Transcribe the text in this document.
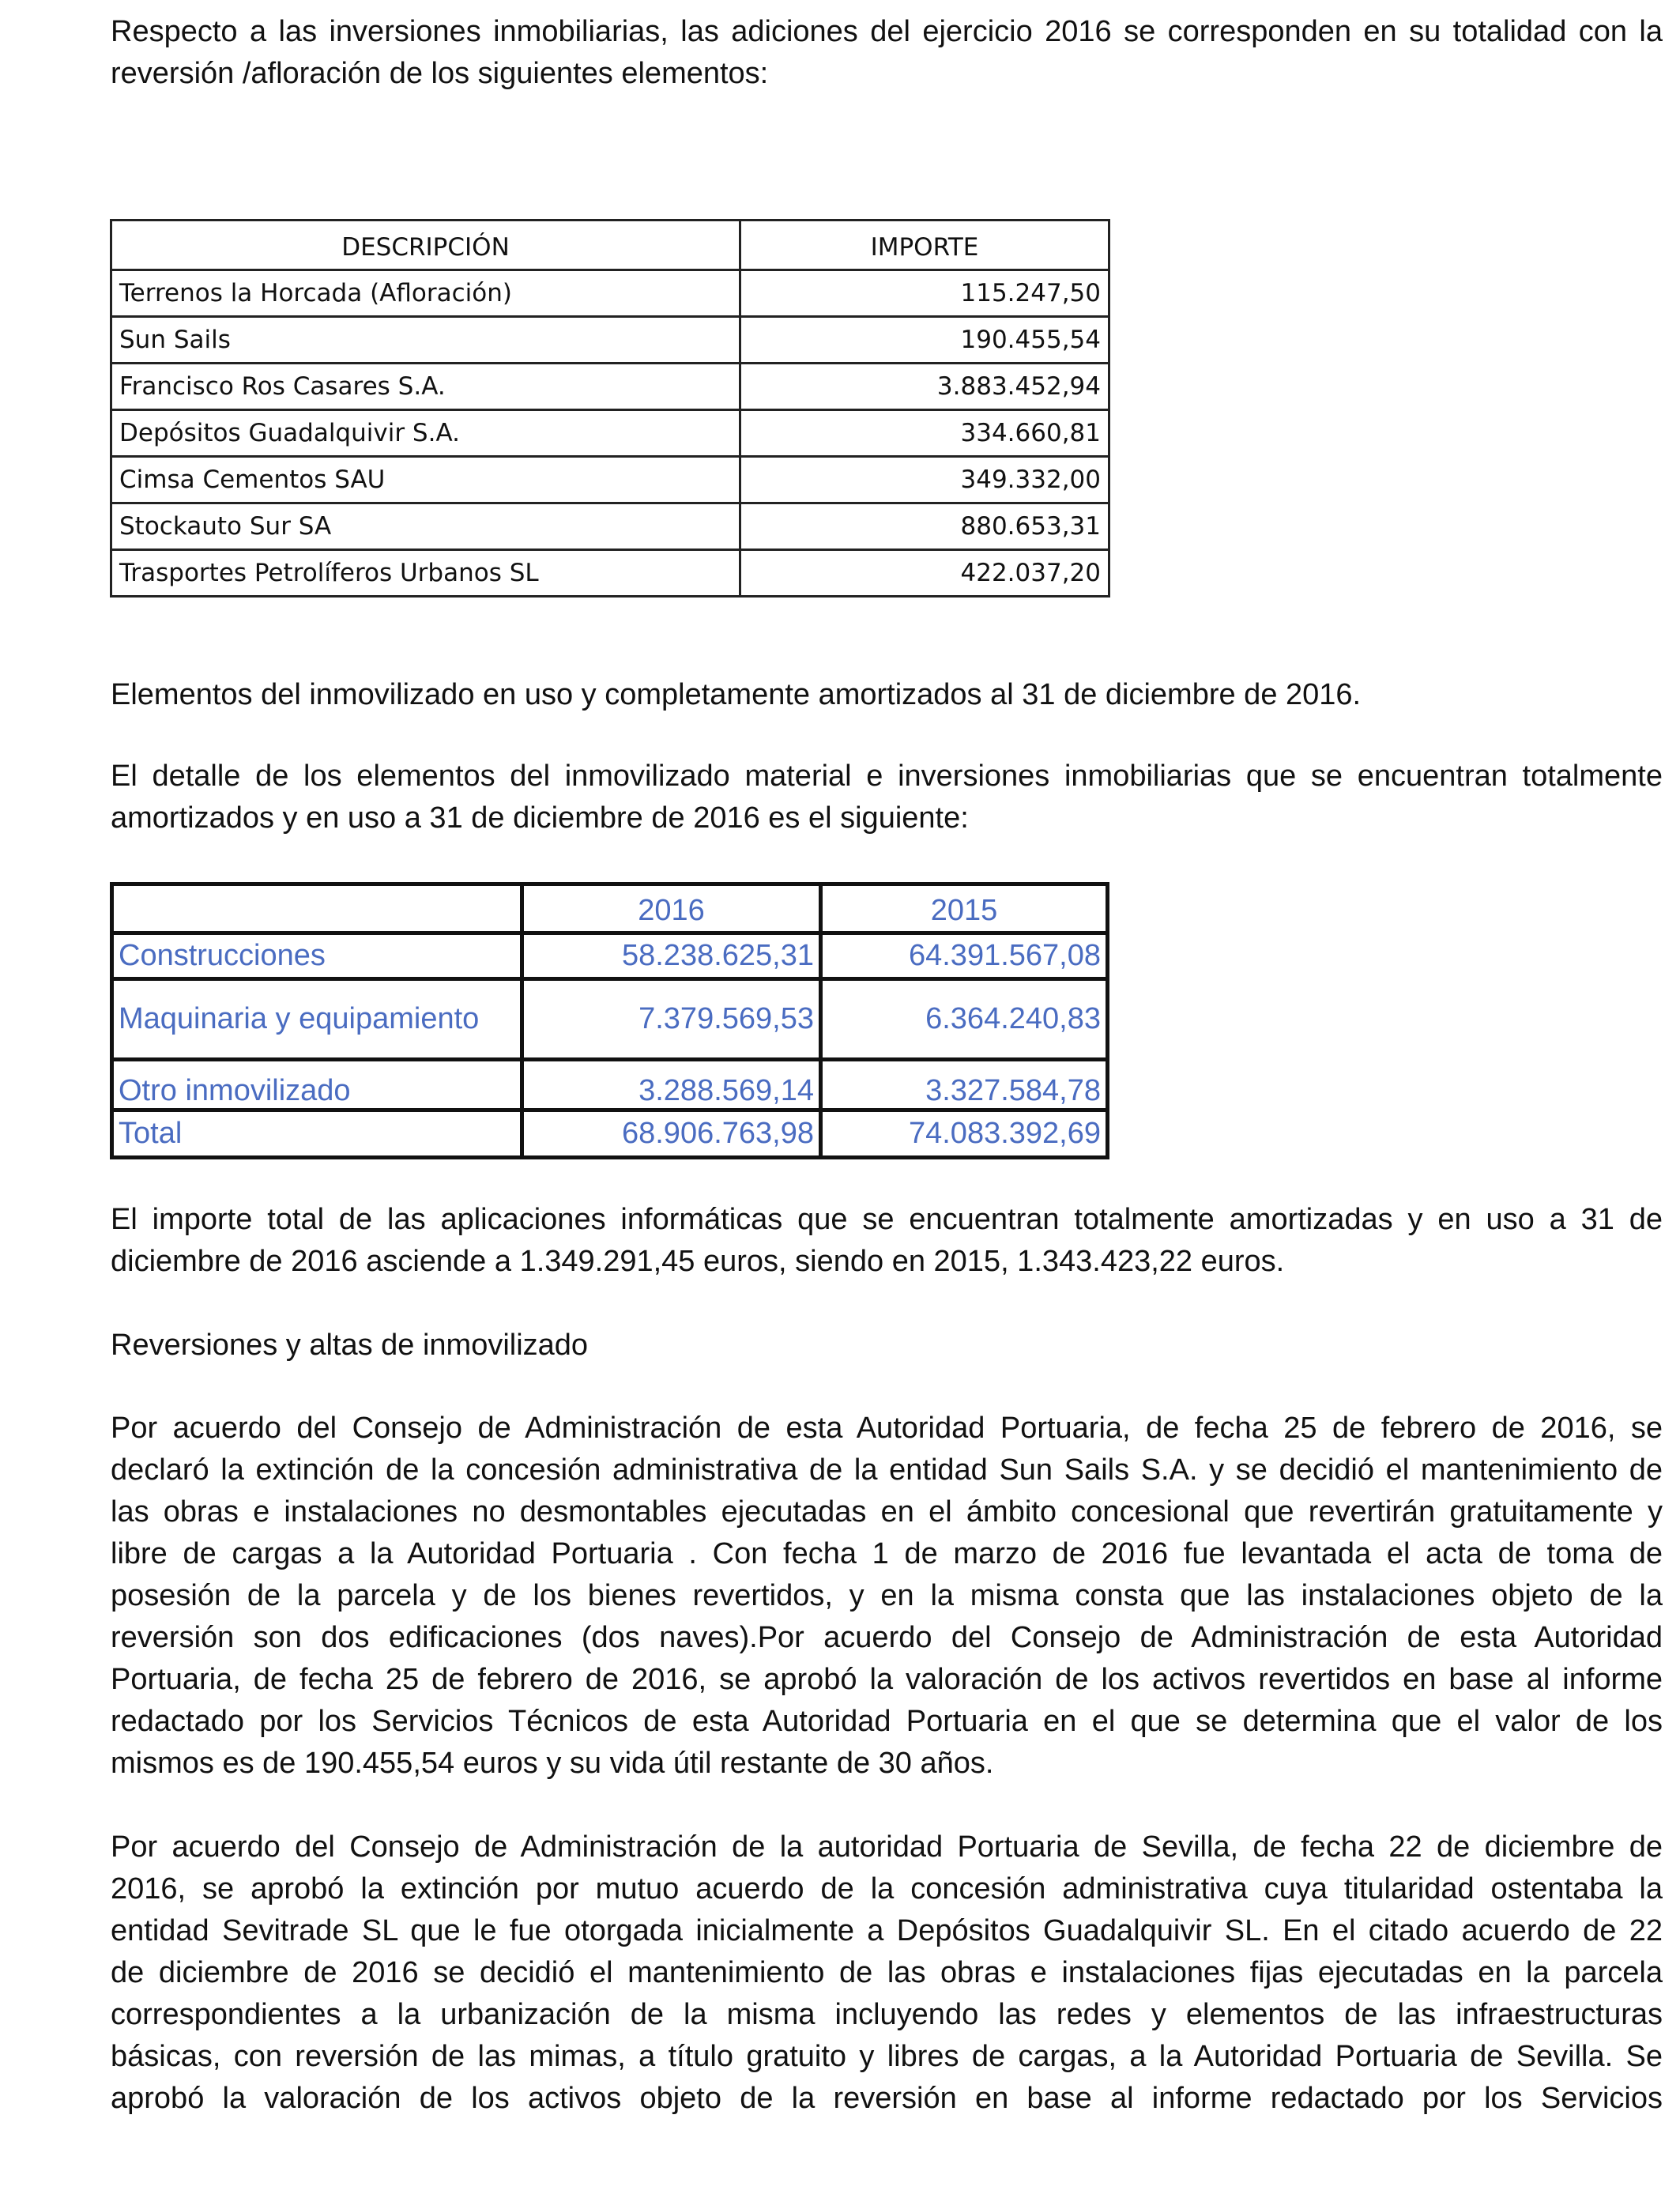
Respecto a las inversiones inmobiliarias, las adiciones del ejercicio 2016 se corresponden en su totalidad con la
reversión /afloración de los siguientes elementos:
DESCRIPCIÓN	IMPORTE
Terrenos la Horcada (Afloración)	115.247,50
Sun Sails	190.455,54
Francisco Ros Casares S.A.	3.883.452,94
Depósitos Guadalquivir S.A.	334.660,81
Cimsa Cementos SAU	349.332,00
Stockauto Sur SA	880.653,31
Trasportes Petrolíferos Urbanos SL	422.037,20
Elementos del inmovilizado en uso y completamente amortizados al 31 de diciembre de 2016.
El detalle de los elementos del inmovilizado material e inversiones inmobiliarias que se encuentran totalmente
amortizados y en uso a 31 de diciembre de 2016 es el siguiente:
	2016	2015
Construcciones	58.238.625,31	64.391.567,08
Maquinaria y equipamiento	7.379.569,53	6.364.240,83
Otro inmovilizado	3.288.569,14	3.327.584,78
Total	68.906.763,98	74.083.392,69
El importe total de las aplicaciones informáticas que se encuentran totalmente amortizadas y en uso a 31 de
diciembre de 2016 asciende a 1.349.291,45 euros, siendo en 2015, 1.343.423,22 euros.
Reversiones y altas de inmovilizado
Por acuerdo del Consejo de Administración de esta Autoridad Portuaria, de fecha 25 de febrero de 2016, se
declaró la extinción de la concesión administrativa de la entidad Sun Sails S.A. y se decidió el mantenimiento de
las obras e instalaciones no desmontables ejecutadas en el ámbito concesional que revertirán gratuitamente y
libre de cargas a la Autoridad Portuaria . Con fecha 1 de marzo de 2016 fue levantada el acta de toma de
posesión de la parcela y de los bienes revertidos, y en la misma consta que las instalaciones objeto de la
reversión son dos edificaciones (dos naves).Por acuerdo del Consejo de Administración de esta Autoridad
Portuaria, de fecha 25 de febrero de 2016, se aprobó la valoración de los activos revertidos en base al informe
redactado por los Servicios Técnicos de esta Autoridad Portuaria en el que se determina que el valor de los
mismos es de 190.455,54 euros y su vida útil restante de 30 años.
Por acuerdo del Consejo de Administración de la autoridad Portuaria de Sevilla, de fecha 22 de diciembre de
2016, se aprobó la extinción por mutuo acuerdo de la concesión administrativa cuya titularidad ostentaba la
entidad Sevitrade SL que le fue otorgada inicialmente a Depósitos Guadalquivir SL. En el citado acuerdo de 22
de diciembre de 2016 se decidió el mantenimiento de las obras e instalaciones fijas ejecutadas en la parcela
correspondientes a la urbanización de la misma incluyendo las redes y elementos de las infraestructuras
básicas, con reversión de las mimas, a título gratuito y libres de cargas, a la Autoridad Portuaria de Sevilla. Se
aprobó la valoración de los activos objeto de la reversión en base al informe redactado por los Servicios
